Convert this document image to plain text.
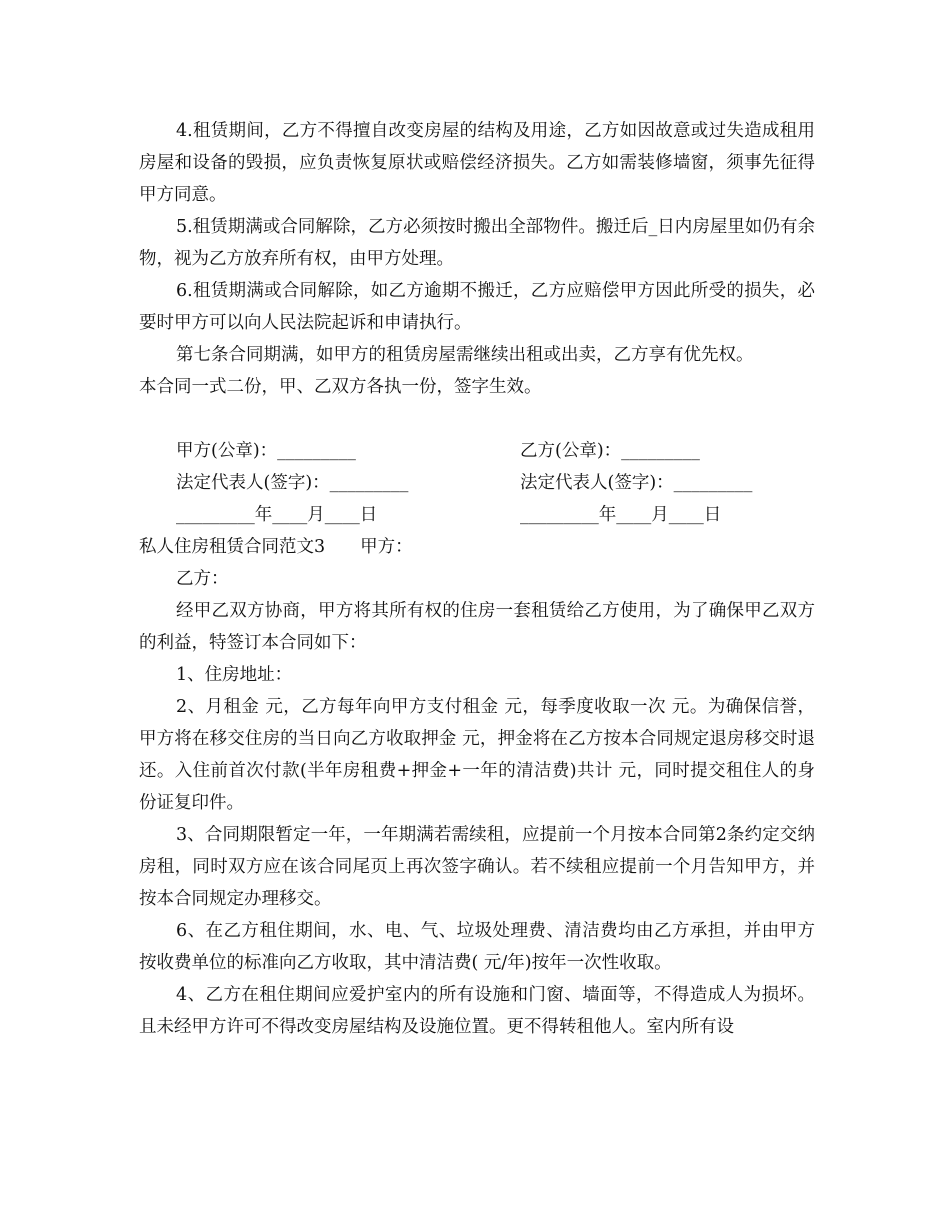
4.租赁期间，乙方不得擅自改变房屋的结构及用途，乙方如因故意或过失造成租用房屋和设备的毁损，应负责恢复原状或赔偿经济损失。乙方如需装修墙窗，须事先征得甲方同意。

5.租赁期满或合同解除，乙方必须按时搬出全部物件。搬迁后_日内房屋里如仍有余物，视为乙方放弃所有权，由甲方处理。

6.租赁期满或合同解除，如乙方逾期不搬迁，乙方应赔偿甲方因此所受的损失，必要时甲方可以向人民法院起诉和申请执行。

第七条合同期满，如甲方的租赁房屋需继续出租或出卖，乙方享有优先权。

本合同一式二份，甲、乙双方各执一份，签字生效。

甲方(公章)：_________	乙方(公章)：_________
法定代表人(签字)：_________	法定代表人(签字)：_________
_________年____月____日	_________年____月____日

私人住房租赁合同范文3　　甲方：

乙方：

经甲乙双方协商，甲方将其所有权的住房一套租赁给乙方使用，为了确保甲乙双方的利益，特签订本合同如下：

1、住房地址：

2、月租金 元，乙方每年向甲方支付租金 元，每季度收取一次 元。为确保信誉，甲方将在移交住房的当日向乙方收取押金 元，押金将在乙方按本合同规定退房移交时退还。入住前首次付款(半年房租费+押金+一年的清洁费)共计 元，同时提交租住人的身份证复印件。

3、合同期限暂定一年，一年期满若需续租，应提前一个月按本合同第2条约定交纳房租，同时双方应在该合同尾页上再次签字确认。若不续租应提前一个月告知甲方，并按本合同规定办理移交。

6、在乙方租住期间，水、电、气、垃圾处理费、清洁费均由乙方承担，并由甲方按收费单位的标准向乙方收取，其中清洁费( 元/年)按年一次性收取。

4、乙方在租住期间应爱护室内的所有设施和门窗、墙面等，不得造成人为损坏。且未经甲方许可不得改变房屋结构及设施位置。更不得转租他人。室内所有设
